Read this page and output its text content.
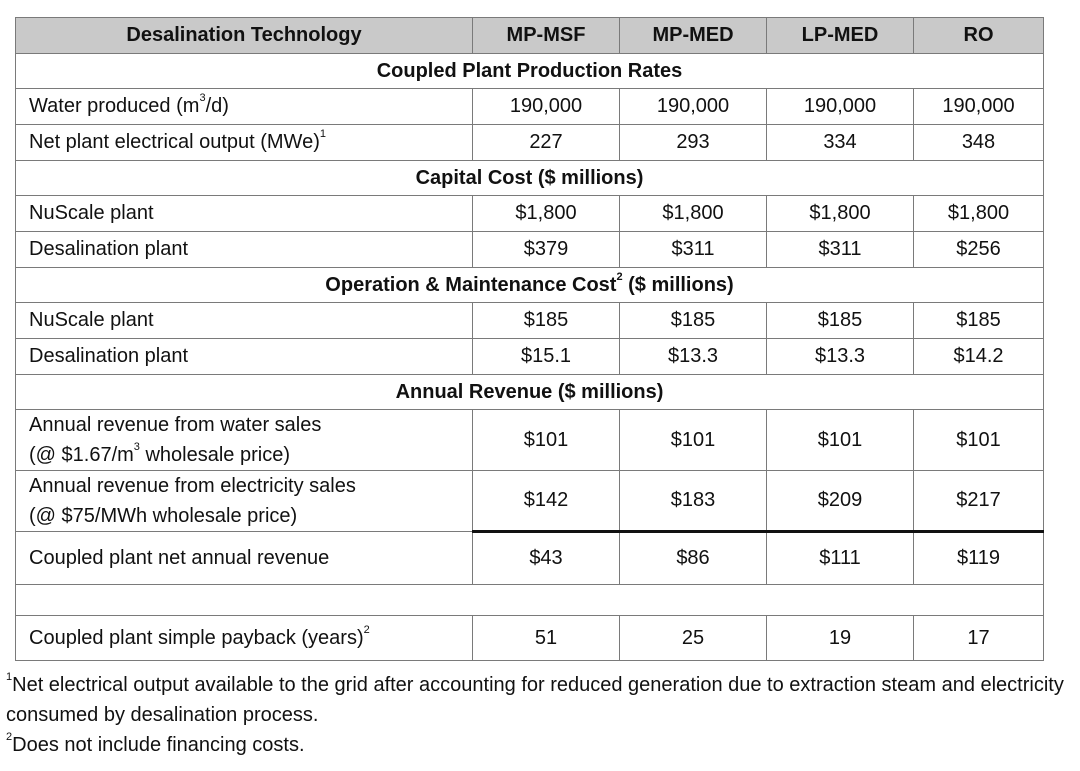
Desalination Technology	MP-MSF	MP-MED	LP-MED	RO
Coupled Plant Production Rates				
Water produced $(m^3/d)$	190,000	190,000	190,000	190,000
Net plant electrical output (MWe)$^1$	227	293	334	348
Capital Cost ($ millions)				
NuScale plant	$1,800	$1,800	$1,800	$1,800
Desalination plant	$379	$311	$311	$256
Operation & Maintenance Cost$^2$ ($ millions)				
NuScale plant	$185	$185	$185	$185
Desalination plant	$15.1	$13.3	$13.3	$14.2
Annual Revenue ($ millions)				
Annual revenue from water sales
(@ $\$1.67/m^3$ wholesale price)	$101	$101	$101	$101
Annual revenue from electricity sales
(@ $75/MWh wholesale price)	$142	$183	$209	$217
Coupled plant net annual revenue	$43	$86	$111	$119

Coupled plant simple payback (years)$^2$	51	25	19	17
$^1$Net electrical output available to the grid after accounting for reduced generation due to extraction steam and electricity consumed by desalination process.
$^2$Does not include financing costs.
